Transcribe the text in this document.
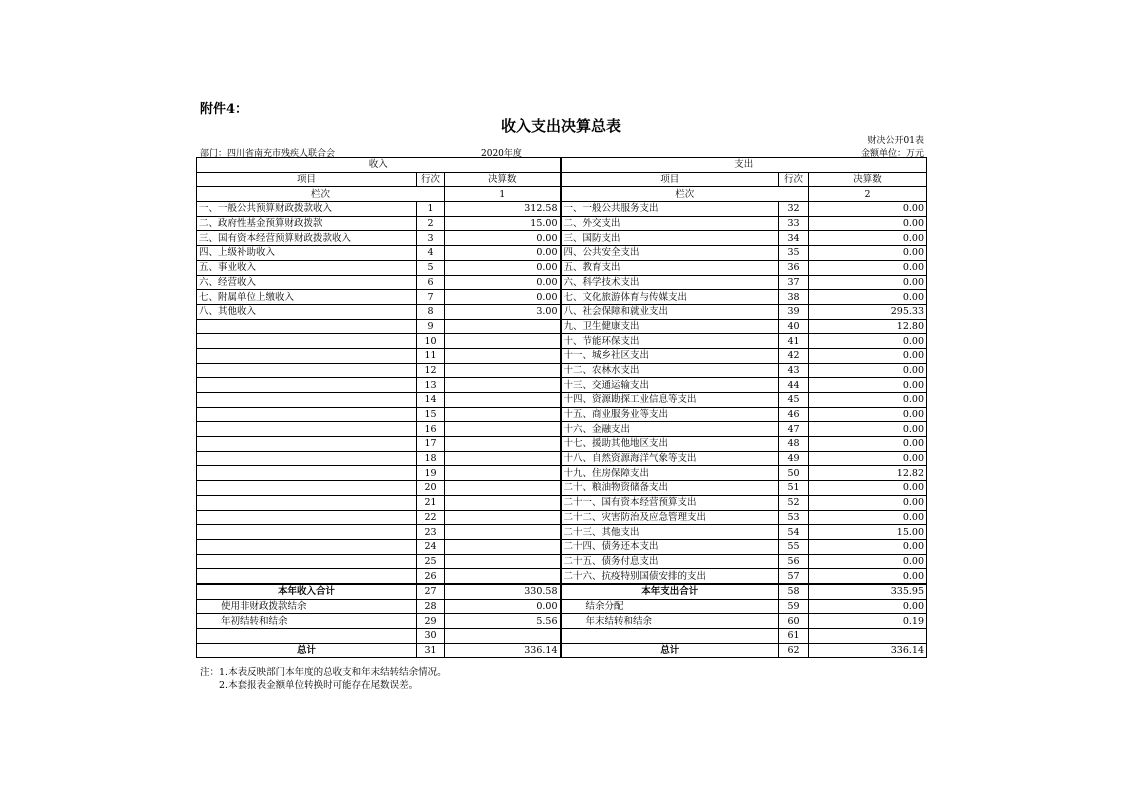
附件4：
收入支出决算总表
财决公开01表
部门：四川省南充市残疾人联合会	2020年度	金额单位：万元
收入			支出		
项目	行次	决算数	项目	行次	决算数
栏次		1	栏次		2
一、一般公共预算财政拨款收入	1	312.58	一、一般公共服务支出	32	0.00
二、政府性基金预算财政拨款	2	15.00	二、外交支出	33	0.00
三、国有资本经营预算财政拨款收入	3	0.00	三、国防支出	34	0.00
四、上级补助收入	4	0.00	四、公共安全支出	35	0.00
五、事业收入	5	0.00	五、教育支出	36	0.00
六、经营收入	6	0.00	六、科学技术支出	37	0.00
七、附属单位上缴收入	7	0.00	七、文化旅游体育与传媒支出	38	0.00
八、其他收入	8	3.00	八、社会保障和就业支出	39	295.33
	9		九、卫生健康支出	40	12.80
	10		十、节能环保支出	41	0.00
	11		十一、城乡社区支出	42	0.00
	12		十二、农林水支出	43	0.00
	13		十三、交通运输支出	44	0.00
	14		十四、资源勘探工业信息等支出	45	0.00
	15		十五、商业服务业等支出	46	0.00
	16		十六、金融支出	47	0.00
	17		十七、援助其他地区支出	48	0.00
	18		十八、自然资源海洋气象等支出	49	0.00
	19		十九、住房保障支出	50	12.82
	20		二十、粮油物资储备支出	51	0.00
	21		二十一、国有资本经营预算支出	52	0.00
	22		二十二、灾害防治及应急管理支出	53	0.00
	23		二十三、其他支出	54	15.00
	24		二十四、债务还本支出	55	0.00
	25		二十五、债务付息支出	56	0.00
	26		二十六、抗疫特别国债安排的支出	57	0.00
本年收入合计	27	330.58	本年支出合计	58	335.95
使用非财政拨款结余	28	0.00	结余分配	59	0.00
年初结转和结余	29	5.56	年末结转和结余	60	0.19
	30			61	
总计	31	336.14	总计	62	336.14
注：1.本表反映部门本年度的总收支和年末结转结余情况。
2.本套报表金额单位转换时可能存在尾数误差。
